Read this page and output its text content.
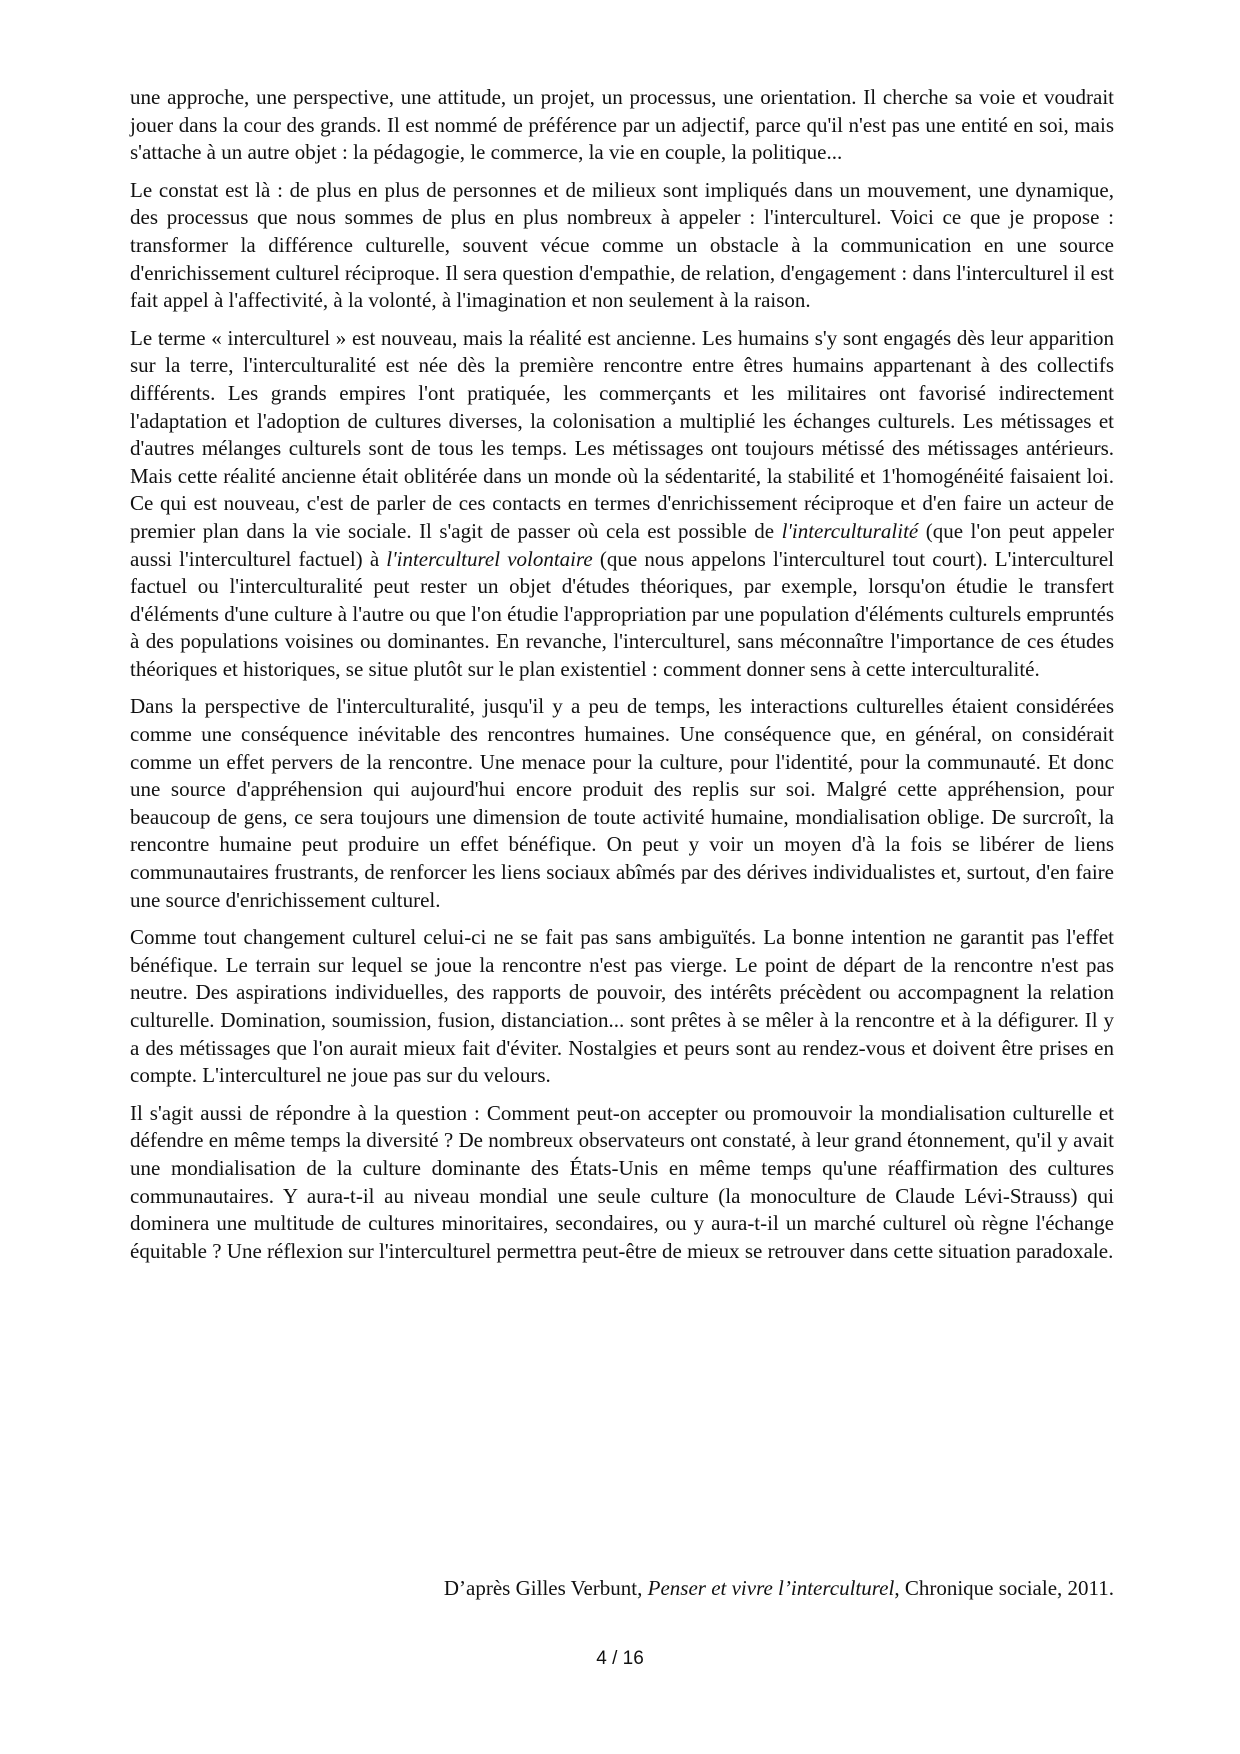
une approche, une perspective, une attitude, un projet, un processus, une orientation. Il cherche sa voie et voudrait jouer dans la cour des grands. Il est nommé de préférence par un adjectif, parce qu'il n'est pas une entité en soi, mais s'attache à un autre objet : la pédagogie, le commerce, la vie en couple, la politique...

Le constat est là : de plus en plus de personnes et de milieux sont impliqués dans un mouvement, une dynamique, des processus que nous sommes de plus en plus nombreux à appeler : l'interculturel. Voici ce que je propose : transformer la différence culturelle, souvent vécue comme un obstacle à la communication en une source d'enrichissement culturel réciproque. Il sera question d'empathie, de relation, d'engagement : dans l'interculturel il est fait appel à l'affectivité, à la volonté, à l'imagination et non seulement à la raison.

Le terme « interculturel » est nouveau, mais la réalité est ancienne. Les humains s'y sont engagés dès leur apparition sur la terre, l'interculturalité est née dès la première rencontre entre êtres humains appartenant à des collectifs différents. Les grands empires l'ont pratiquée, les commerçants et les militaires ont favorisé indirectement l'adaptation et l'adoption de cultures diverses, la colonisation a multiplié les échanges culturels. Les métissages et d'autres mélanges culturels sont de tous les temps. Les métissages ont toujours métissé des métissages antérieurs. Mais cette réalité ancienne était oblitérée dans un monde où la sédentarité, la stabilité et 1'homogénéité faisaient loi. Ce qui est nouveau, c'est de parler de ces contacts en termes d'enrichissement réciproque et d'en faire un acteur de premier plan dans la vie sociale. Il s'agit de passer où cela est possible de l'interculturalité (que l'on peut appeler aussi l'interculturel factuel) à l'interculturel volontaire (que nous appelons l'interculturel tout court). L'interculturel factuel ou l'interculturalité peut rester un objet d'études théoriques, par exemple, lorsqu'on étudie le transfert d'éléments d'une culture à l'autre ou que l'on étudie l'appropriation par une population d'éléments culturels empruntés à des populations voisines ou dominantes. En revanche, l'interculturel, sans méconnaître l'importance de ces études théoriques et historiques, se situe plutôt sur le plan existentiel : comment donner sens à cette interculturalité.

Dans la perspective de l'interculturalité, jusqu'il y a peu de temps, les interactions culturelles étaient considérées comme une conséquence inévitable des rencontres humaines. Une conséquence que, en général, on considérait comme un effet pervers de la rencontre. Une menace pour la culture, pour l'identité, pour la communauté. Et donc une source d'appréhension qui aujourd'hui encore produit des replis sur soi. Malgré cette appréhension, pour beaucoup de gens, ce sera toujours une dimension de toute activité humaine, mondialisation oblige. De surcroît, la rencontre humaine peut produire un effet bénéfique. On peut y voir un moyen d'à la fois se libérer de liens communautaires frustrants, de renforcer les liens sociaux abîmés par des dérives individualistes et, surtout, d'en faire une source d'enrichissement culturel.

Comme tout changement culturel celui-ci ne se fait pas sans ambiguïtés. La bonne intention ne garantit pas l'effet bénéfique. Le terrain sur lequel se joue la rencontre n'est pas vierge. Le point de départ de la rencontre n'est pas neutre. Des aspirations individuelles, des rapports de pouvoir, des intérêts précèdent ou accompagnent la relation culturelle. Domination, soumission, fusion, distanciation... sont prêtes à se mêler à la rencontre et à la défigurer. Il y a des métissages que l'on aurait mieux fait d'éviter. Nostalgies et peurs sont au rendez-vous et doivent être prises en compte. L'interculturel ne joue pas sur du velours.

Il s'agit aussi de répondre à la question : Comment peut-on accepter ou promouvoir la mondialisation culturelle et défendre en même temps la diversité ? De nombreux observateurs ont constaté, à leur grand étonnement, qu'il y avait une mondialisation de la culture dominante des États-Unis en même temps qu'une réaffirmation des cultures communautaires. Y aura-t-il au niveau mondial une seule culture (la monoculture de Claude Lévi-Strauss) qui dominera une multitude de cultures minoritaires, secondaires, ou y aura-t-il un marché culturel où règne l'échange équitable ? Une réflexion sur l'interculturel permettra peut-être de mieux se retrouver dans cette situation paradoxale.

D’après Gilles Verbunt, Penser et vivre l’interculturel, Chronique sociale, 2011.
4 / 16
